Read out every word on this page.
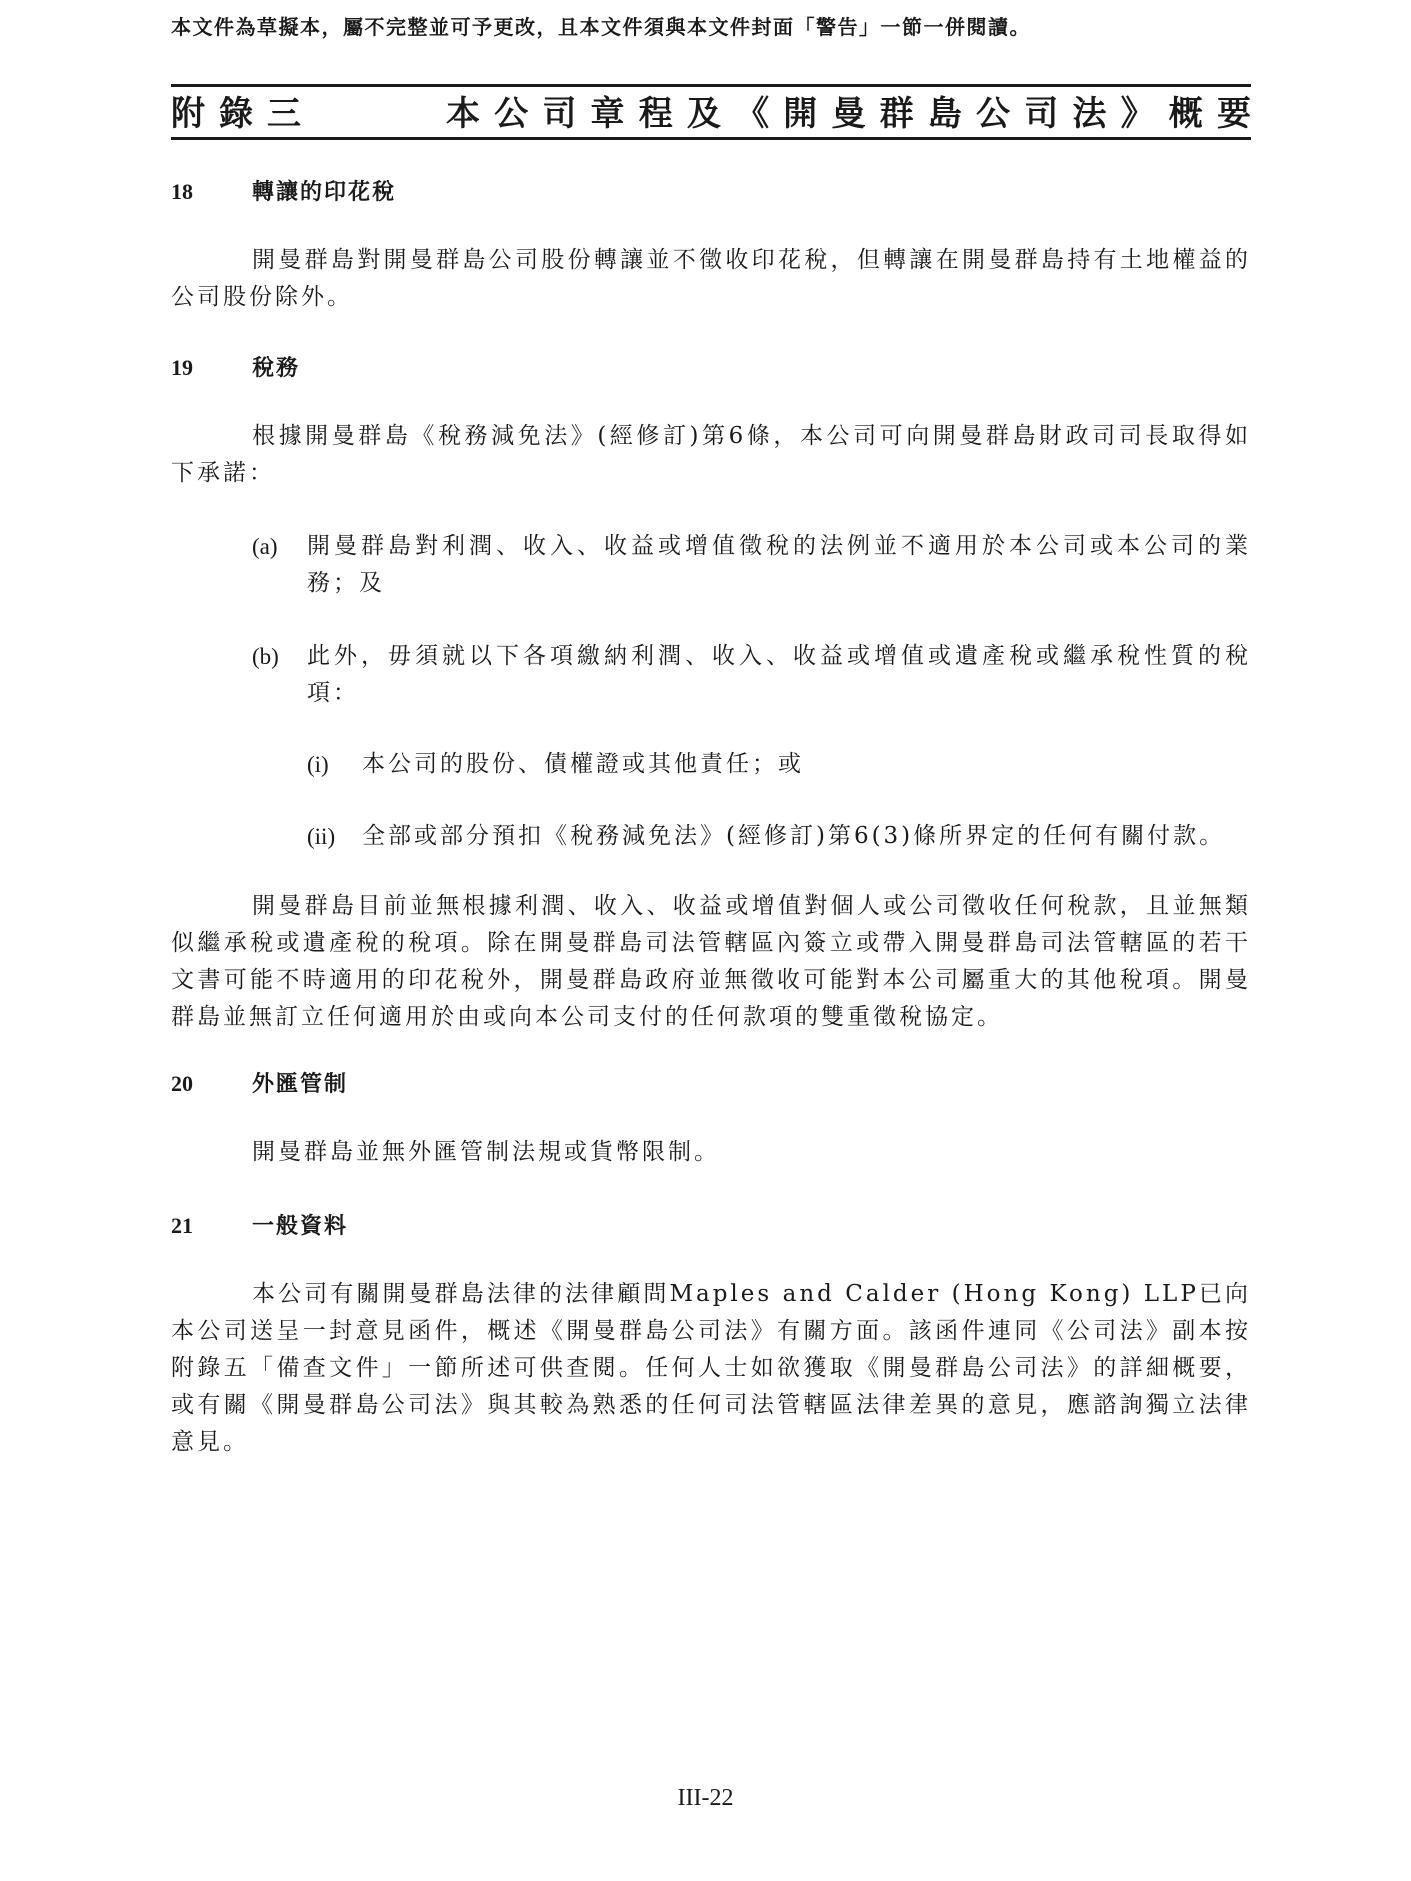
本文件為草擬本，屬不完整並可予更改，且本文件須與本文件封面「警告」一節一併閱讀。
附錄三	本公司章程及《開曼群島公司法》概要
18	轉讓的印花稅

開曼群島對開曼群島公司股份轉讓並不徵收印花稅，但轉讓在開曼群島持有土地權益的公司股份除外。

19	稅務

根據開曼群島《稅務減免法》(經修訂)第6條，本公司可向開曼群島財政司司長取得如下承諾：

(a) 開曼群島對利潤、收入、收益或增值徵稅的法例並不適用於本公司或本公司的業務；及
(b) 此外，毋須就以下各項繳納利潤、收入、收益或增值或遺產稅或繼承稅性質的稅項：
(i) 本公司的股份、債權證或其他責任；或
(ii) 全部或部分預扣《稅務減免法》(經修訂)第6(3)條所界定的任何有關付款。

開曼群島目前並無根據利潤、收入、收益或增值對個人或公司徵收任何稅款，且並無類似繼承稅或遺產稅的稅項。除在開曼群島司法管轄區內簽立或帶入開曼群島司法管轄區的若干文書可能不時適用的印花稅外，開曼群島政府並無徵收可能對本公司屬重大的其他稅項。開曼群島並無訂立任何適用於由或向本公司支付的任何款項的雙重徵稅協定。

20	外匯管制

開曼群島並無外匯管制法規或貨幣限制。

21	一般資料

本公司有關開曼群島法律的法律顧問Maples and Calder (Hong Kong) LLP已向本公司送呈一封意見函件，概述《開曼群島公司法》有關方面。該函件連同《公司法》副本按附錄五「備查文件」一節所述可供查閱。任何人士如欲獲取《開曼群島公司法》的詳細概要，或有關《開曼群島公司法》與其較為熟悉的任何司法管轄區法律差異的意見，應諮詢獨立法律意見。

III-22
